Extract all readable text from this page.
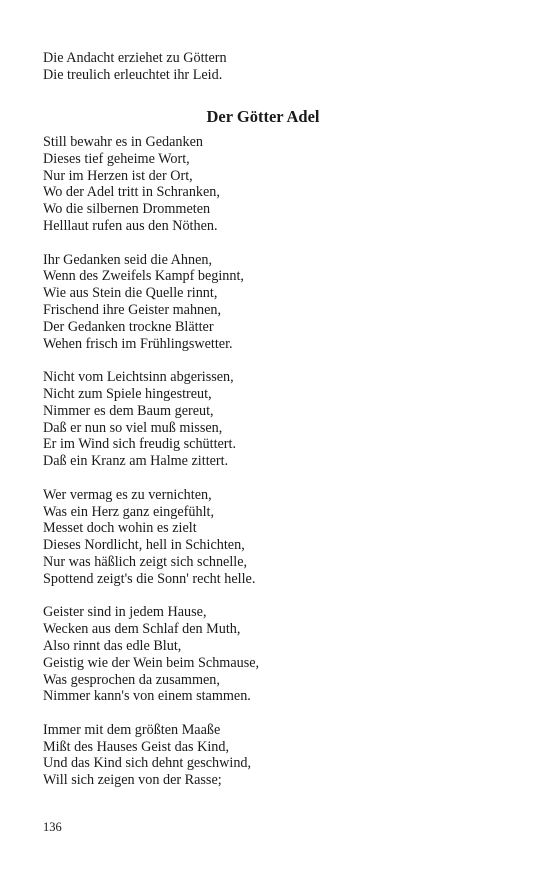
Die Andacht erziehet zu Göttern
Die treulich erleuchtet ihr Leid.
Der Götter Adel
Still bewahr es in Gedanken
Dieses tief geheime Wort,
Nur im Herzen ist der Ort,
Wo der Adel tritt in Schranken,
Wo die silbernen Drommeten
Helllaut rufen aus den Nöthen.
Ihr Gedanken seid die Ahnen,
Wenn des Zweifels Kampf beginnt,
Wie aus Stein die Quelle rinnt,
Frischend ihre Geister mahnen,
Der Gedanken trockne Blätter
Wehen frisch im Frühlingswetter.
Nicht vom Leichtsinn abgerissen,
Nicht zum Spiele hingestreut,
Nimmer es dem Baum gereut,
Daß er nun so viel muß missen,
Er im Wind sich freudig schüttert.
Daß ein Kranz am Halme zittert.
Wer vermag es zu vernichten,
Was ein Herz ganz eingefühlt,
Messet doch wohin es zielt
Dieses Nordlicht, hell in Schichten,
Nur was häßlich zeigt sich schnelle,
Spottend zeigt's die Sonn' recht helle.
Geister sind in jedem Hause,
Wecken aus dem Schlaf den Muth,
Also rinnt das edle Blut,
Geistig wie der Wein beim Schmause,
Was gesprochen da zusammen,
Nimmer kann's von einem stammen.
Immer mit dem größten Maaße
Mißt des Hauses Geist das Kind,
Und das Kind sich dehnt geschwind,
Will sich zeigen von der Rasse;
136
